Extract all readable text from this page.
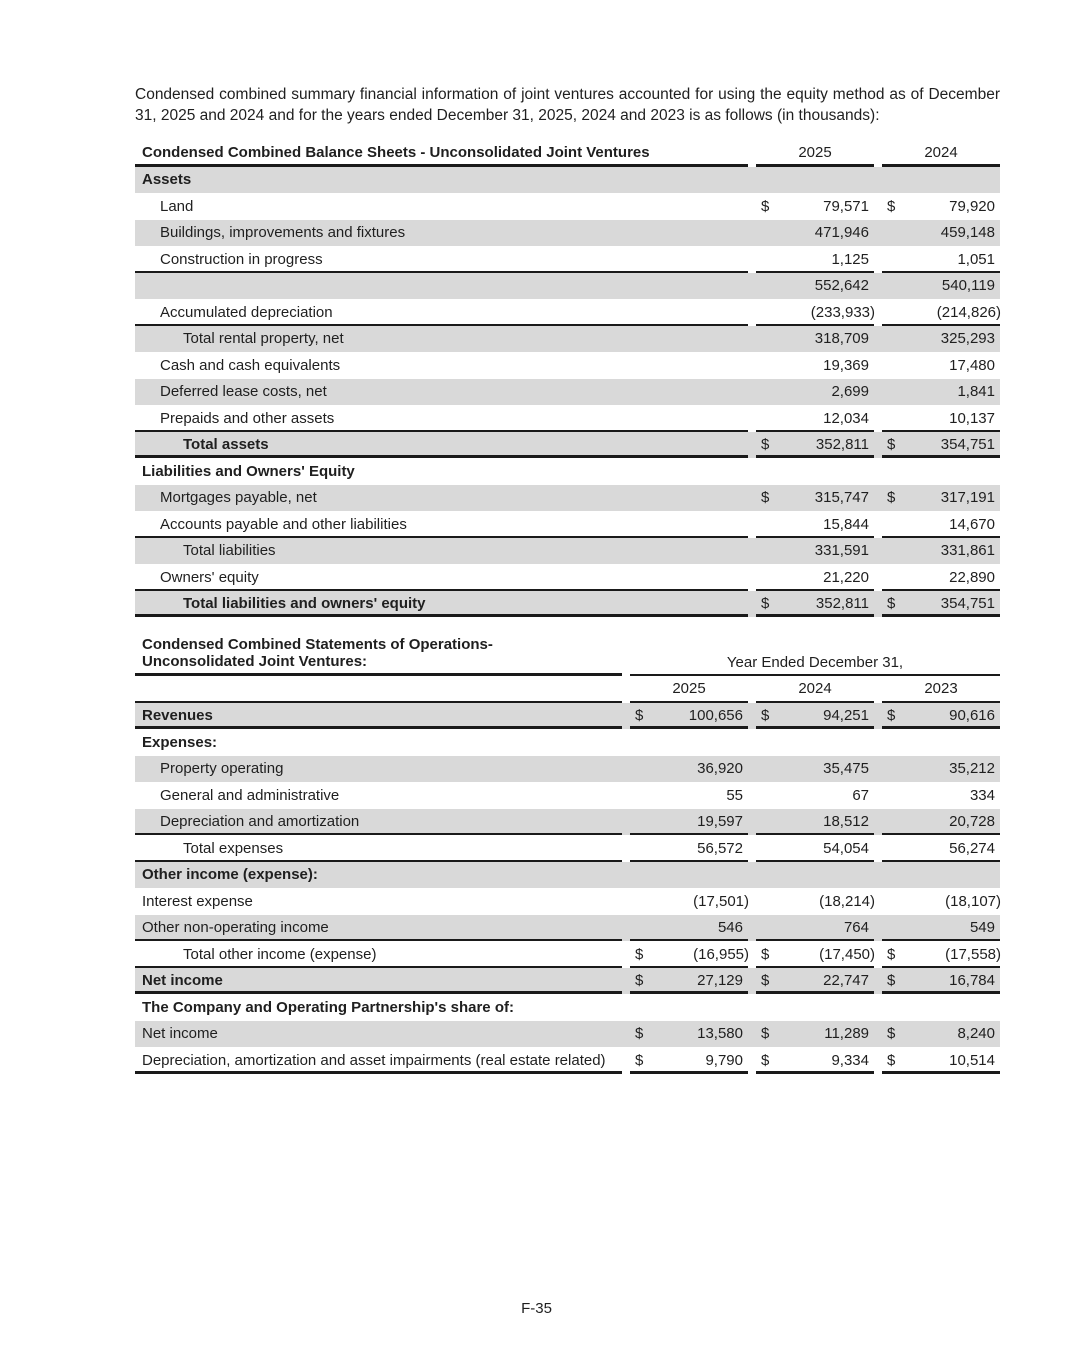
Condensed combined summary financial information of joint ventures accounted for using the equity method as of December 31, 2025 and 2024 and for the years ended December 31, 2025, 2024 and 2023 is as follows (in thousands):

Condensed Combined Balance Sheets - Unconsolidated Joint Ventures	2025	2024
Assets
Land	$	79,571 $	79,920
Buildings, improvements and fixtures	471,946	459,148
Construction in progress	1,125	1,051
552,642	540,119
Accumulated depreciation	(233,933)	(214,826)
Total rental property, net	318,709	325,293
Cash and cash equivalents	19,369	17,480
Deferred lease costs, net	2,699	1,841
Prepaids and other assets	12,034	10,137
Total assets	$	352,811 $	354,751
Liabilities and Owners' Equity
Mortgages payable, net	$	315,747 $	317,191
Accounts payable and other liabilities	15,844	14,670
Total liabilities	331,591	331,861
Owners' equity	21,220	22,890
Total liabilities and owners' equity	$	352,811 $	354,751
Condensed Combined Statements of Operations-
Unconsolidated Joint Ventures:	Year Ended December 31,
2025	2024	2023
Revenues	$	100,656 $	94,251 $	90,616
Expenses:
Property operating	36,920	35,475	35,212
General and administrative	55	67	334
Depreciation and amortization	19,597	18,512	20,728
Total expenses	56,572	54,054	56,274
Other income (expense):
Interest expense	(17,501)	(18,214)	(18,107)
Other non-operating income	546	764	549
Total other income (expense)	$	(16,955) $	(17,450) $	(17,558)
Net income	$	27,129 $	22,747 $	16,784
The Company and Operating Partnership's share of:
Net income	$	13,580 $	11,289 $	8,240
Depreciation, amortization and asset impairments (real estate related)	$	9,790 $	9,334 $	10,514
F-35
